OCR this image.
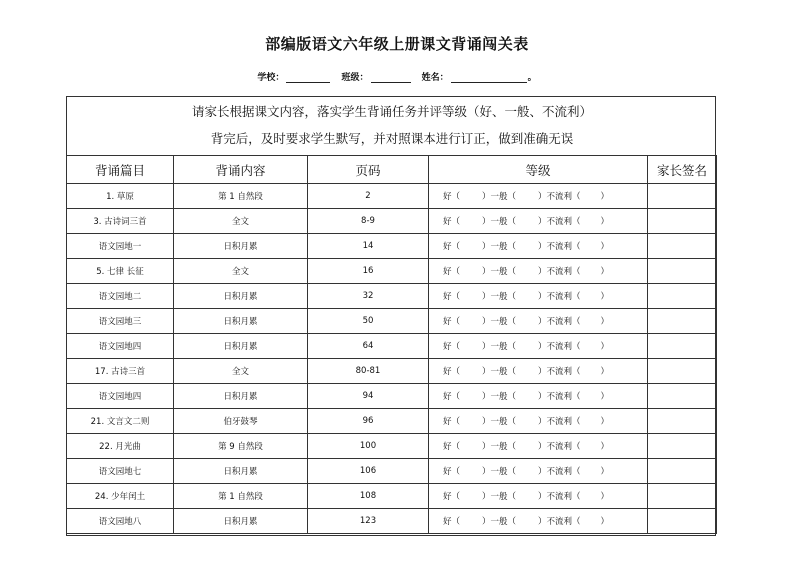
部编版语文六年级上册课文背诵闯关表
学校：	班级：	姓名：	。
请家长根据课文内容，落实学生背诵任务并评等级（好、一般、不流利）
背完后，及时要求学生默写，并对照课本进行订正，做到准确无误
背诵篇目	背诵内容	页码	等级	家长签名
1. 草原	第 1 自然段	2	好（ ）一般（ ）不流利（ ）	
3. 古诗词三首	全文	8-9	好（ ）一般（ ）不流利（ ）	
语文园地一	日积月累	14	好（ ）一般（ ）不流利（ ）	
5. 七律 长征	全文	16	好（ ）一般（ ）不流利（ ）	
语文园地二	日积月累	32	好（ ）一般（ ）不流利（ ）	
语文园地三	日积月累	50	好（ ）一般（ ）不流利（ ）	
语文园地四	日积月累	64	好（ ）一般（ ）不流利（ ）	
17. 古诗三首	全文	80-81	好（ ）一般（ ）不流利（ ）	
语文园地四	日积月累	94	好（ ）一般（ ）不流利（ ）	
21. 文言文二则	伯牙鼓琴	96	好（ ）一般（ ）不流利（ ）	
22. 月光曲	第 9 自然段	100	好（ ）一般（ ）不流利（ ）	
语文园地七	日积月累	106	好（ ）一般（ ）不流利（ ）	
24. 少年闰土	第 1 自然段	108	好（ ）一般（ ）不流利（ ）	
语文园地八	日积月累	123	好（ ）一般（ ）不流利（ ）	
